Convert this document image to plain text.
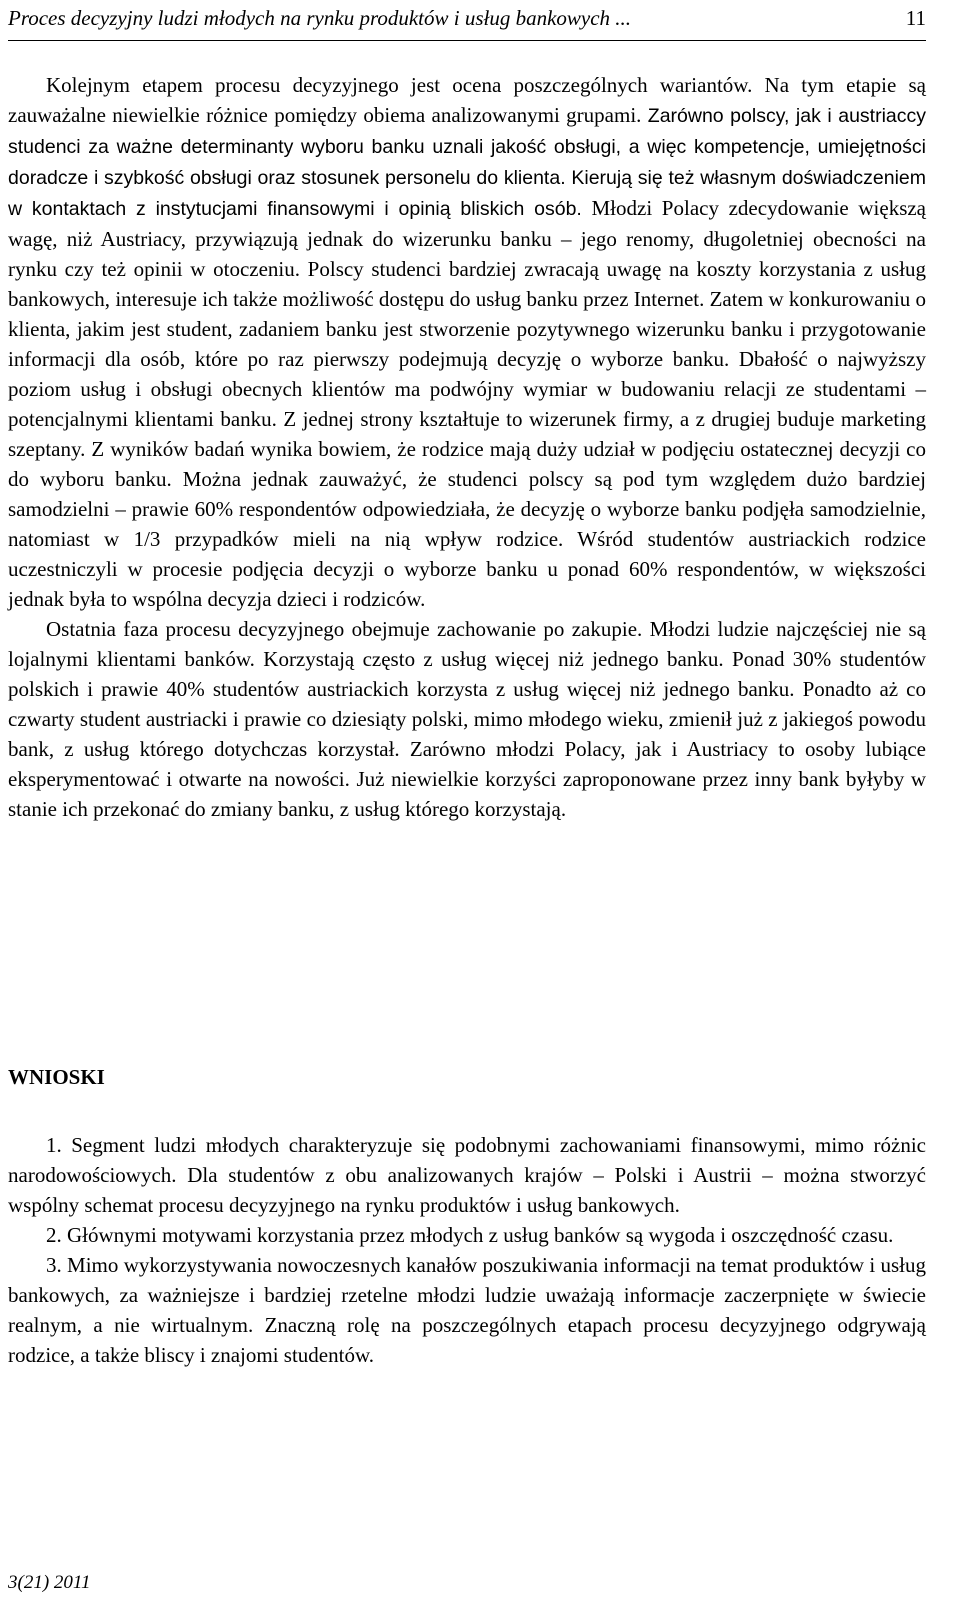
Proces decyzyjny ludzi młodych na rynku produktów i usług bankowych ...	11

Kolejnym etapem procesu decyzyjnego jest ocena poszczególnych wariantów. Na tym etapie są zauważalne niewielkie różnice pomiędzy obiema analizowanymi grupami. Zarówno polscy, jak i austriaccy studenci za ważne determinanty wyboru banku uznali jakość obsługi, a więc kompetencje, umiejętności doradcze i szybkość obsługi oraz stosunek personelu do klienta. Kierują się też własnym doświadczeniem w kontaktach z instytucjami finansowymi i opinią bliskich osób. Młodzi Polacy zdecydowanie większą wagę, niż Austriacy, przywiązują jednak do wizerunku banku – jego renomy, długoletniej obecności na rynku czy też opinii w otoczeniu. Polscy studenci bardziej zwracają uwagę na koszty korzystania z usług bankowych, interesuje ich także możliwość dostępu do usług banku przez Internet. Zatem w konkurowaniu o klienta, jakim jest student, zadaniem banku jest stworzenie pozytywnego wizerunku banku i przygotowanie informacji dla osób, które po raz pierwszy podejmują decyzję o wyborze banku. Dbałość o najwyższy poziom usług i obsługi obecnych klientów ma podwójny wymiar w budowaniu relacji ze studentami – potencjalnymi klientami banku. Z jednej strony kształtuje to wizerunek firmy, a z drugiej buduje marketing szeptany. Z wyników badań wynika bowiem, że rodzice mają duży udział w podjęciu ostatecznej decyzji co do wyboru banku. Można jednak zauważyć, że studenci polscy są pod tym względem dużo bardziej samodzielni – prawie 60% respondentów odpowiedziała, że decyzję o wyborze banku podjęła samodzielnie, natomiast w 1/3 przypadków mieli na nią wpływ rodzice. Wśród studentów austriackich rodzice uczestniczyli w procesie podjęcia decyzji o wyborze banku u ponad 60% respondentów, w większości jednak była to wspólna decyzja dzieci i rodziców.

Ostatnia faza procesu decyzyjnego obejmuje zachowanie po zakupie. Młodzi ludzie najczęściej nie są lojalnymi klientami banków. Korzystają często z usług więcej niż jednego banku. Ponad 30% studentów polskich i prawie 40% studentów austriackich korzysta z usług więcej niż jednego banku. Ponadto aż co czwarty student austriacki i prawie co dziesiąty polski, mimo młodego wieku, zmienił już z jakiegoś powodu bank, z usług którego dotychczas korzystał. Zarówno młodzi Polacy, jak i Austriacy to osoby lubiące eksperymentować i otwarte na nowości. Już niewielkie korzyści zaproponowane przez inny bank byłyby w stanie ich przekonać do zmiany banku, z usług którego korzystają.

WNIOSKI

1. Segment ludzi młodych charakteryzuje się podobnymi zachowaniami finansowymi, mimo różnic narodowościowych. Dla studentów z obu analizowanych krajów – Polski i Austrii – można stworzyć wspólny schemat procesu decyzyjnego na rynku produktów i usług bankowych.

2. Głównymi motywami korzystania przez młodych z usług banków są wygoda i oszczędność czasu.

3. Mimo wykorzystywania nowoczesnych kanałów poszukiwania informacji na temat produktów i usług bankowych, za ważniejsze i bardziej rzetelne młodzi ludzie uważają informacje zaczerpnięte w świecie realnym, a nie wirtualnym. Znaczną rolę na poszczególnych etapach procesu decyzyjnego odgrywają rodzice, a także bliscy i znajomi studentów.

3(21) 2011
